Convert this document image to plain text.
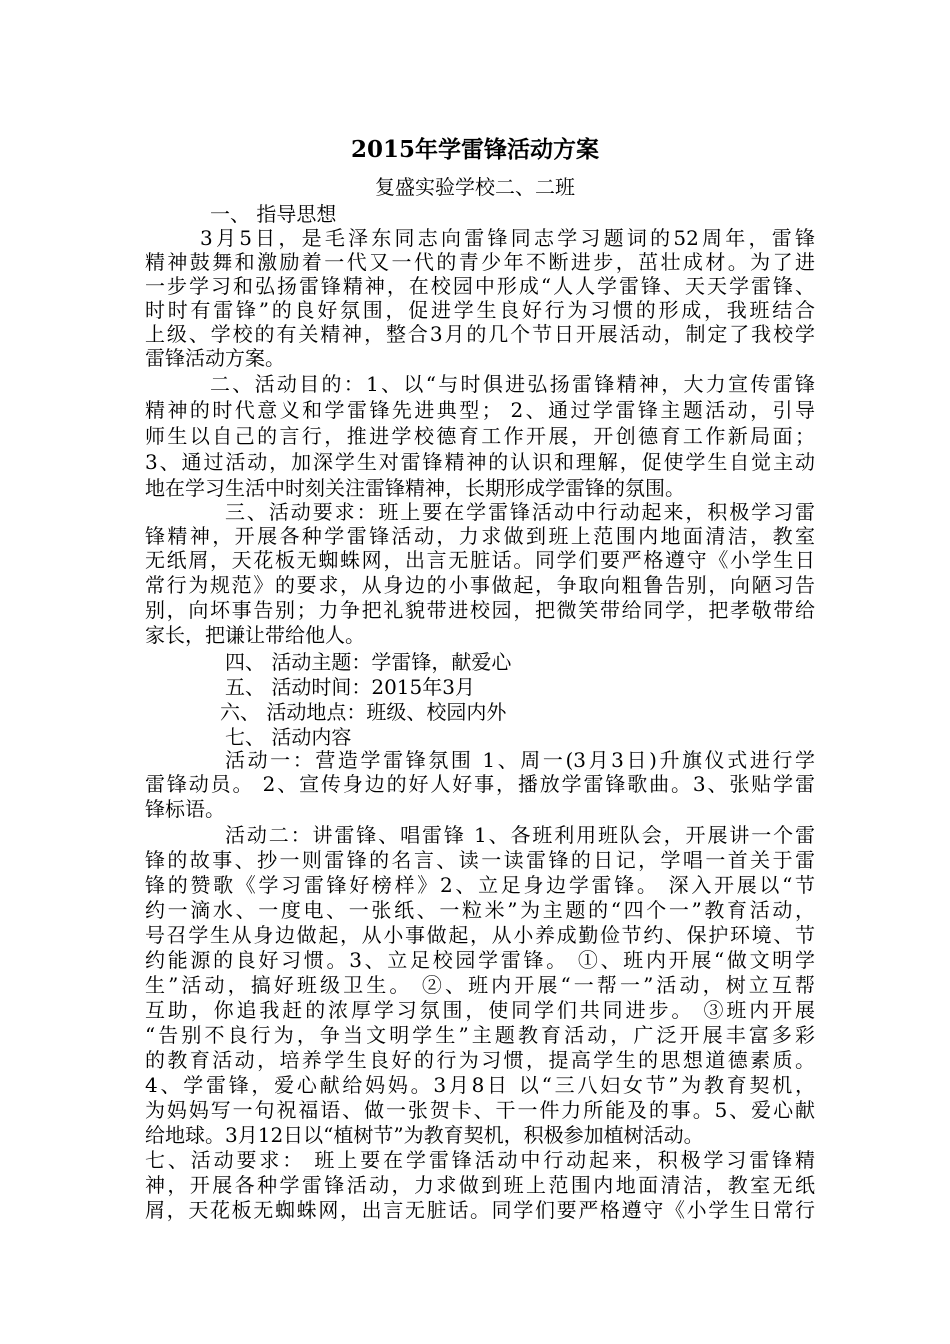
2015年学雷锋活动方案
复盛实验学校二、二班
一、 指导思想
3月5日，是毛泽东同志向雷锋同志学习题词的52周年，雷锋
精神鼓舞和激励着一代又一代的青少年不断进步，茁壮成材。为了进
一步学习和弘扬雷锋精神，在校园中形成“人人学雷锋、天天学雷锋、
时时有雷锋”的良好氛围，促进学生良好行为习惯的形成，我班结合
上级、学校的有关精神，整合3月的几个节日开展活动，制定了我校学
雷锋活动方案。
二、活动目的：1、以“与时俱进弘扬雷锋精神，大力宣传雷锋
精神的时代意义和学雷锋先进典型； 2、通过学雷锋主题活动，引导
师生以自己的言行，推进学校德育工作开展，开创德育工作新局面；
3、通过活动，加深学生对雷锋精神的认识和理解，促使学生自觉主动
地在学习生活中时刻关注雷锋精神，长期形成学雷锋的氛围。
三、活动要求：班上要在学雷锋活动中行动起来，积极学习雷
锋精神，开展各种学雷锋活动，力求做到班上范围内地面清洁，教室
无纸屑，天花板无蜘蛛网，出言无脏话。同学们要严格遵守《小学生日
常行为规范》的要求，从身边的小事做起，争取向粗鲁告别，向陋习告
别，向坏事告别；力争把礼貌带进校园，把微笑带给同学，把孝敬带给
家长，把谦让带给他人。
四、 活动主题：学雷锋，献爱心
五、 活动时间：2015年3月
六、 活动地点：班级、校园内外
七、 活动内容
活动一：营造学雷锋氛围 1、周一(3月3日)升旗仪式进行学
雷锋动员。 2、宣传身边的好人好事，播放学雷锋歌曲。3、张贴学雷
锋标语。
活动二：讲雷锋、唱雷锋 1、各班利用班队会，开展讲一个雷
锋的故事、抄一则雷锋的名言、读一读雷锋的日记，学唱一首关于雷
锋的赞歌《学习雷锋好榜样》2、立足身边学雷锋。 深入开展以“节
约一滴水、一度电、一张纸、一粒米”为主题的“四个一”教育活动，
号召学生从身边做起，从小事做起，从小养成勤俭节约、保护环境、节
约能源的良好习惯。3、立足校园学雷锋。 ①、班内开展“做文明学
生”活动，搞好班级卫生。 ②、班内开展“一帮一”活动，树立互帮
互助，你追我赶的浓厚学习氛围，使同学们共同进步。 ③班内开展
“告别不良行为，争当文明学生”主题教育活动，广泛开展丰富多彩
的教育活动，培养学生良好的行为习惯，提高学生的思想道德素质。
4、学雷锋，爱心献给妈妈。3月8日 以“三八妇女节”为教育契机，
为妈妈写一句祝福语、做一张贺卡、干一件力所能及的事。5、爱心献
给地球。3月12日以“植树节”为教育契机，积极参加植树活动。
七、活动要求： 班上要在学雷锋活动中行动起来，积极学习雷锋精
神，开展各种学雷锋活动，力求做到班上范围内地面清洁，教室无纸
屑，天花板无蜘蛛网，出言无脏话。同学们要严格遵守《小学生日常行
